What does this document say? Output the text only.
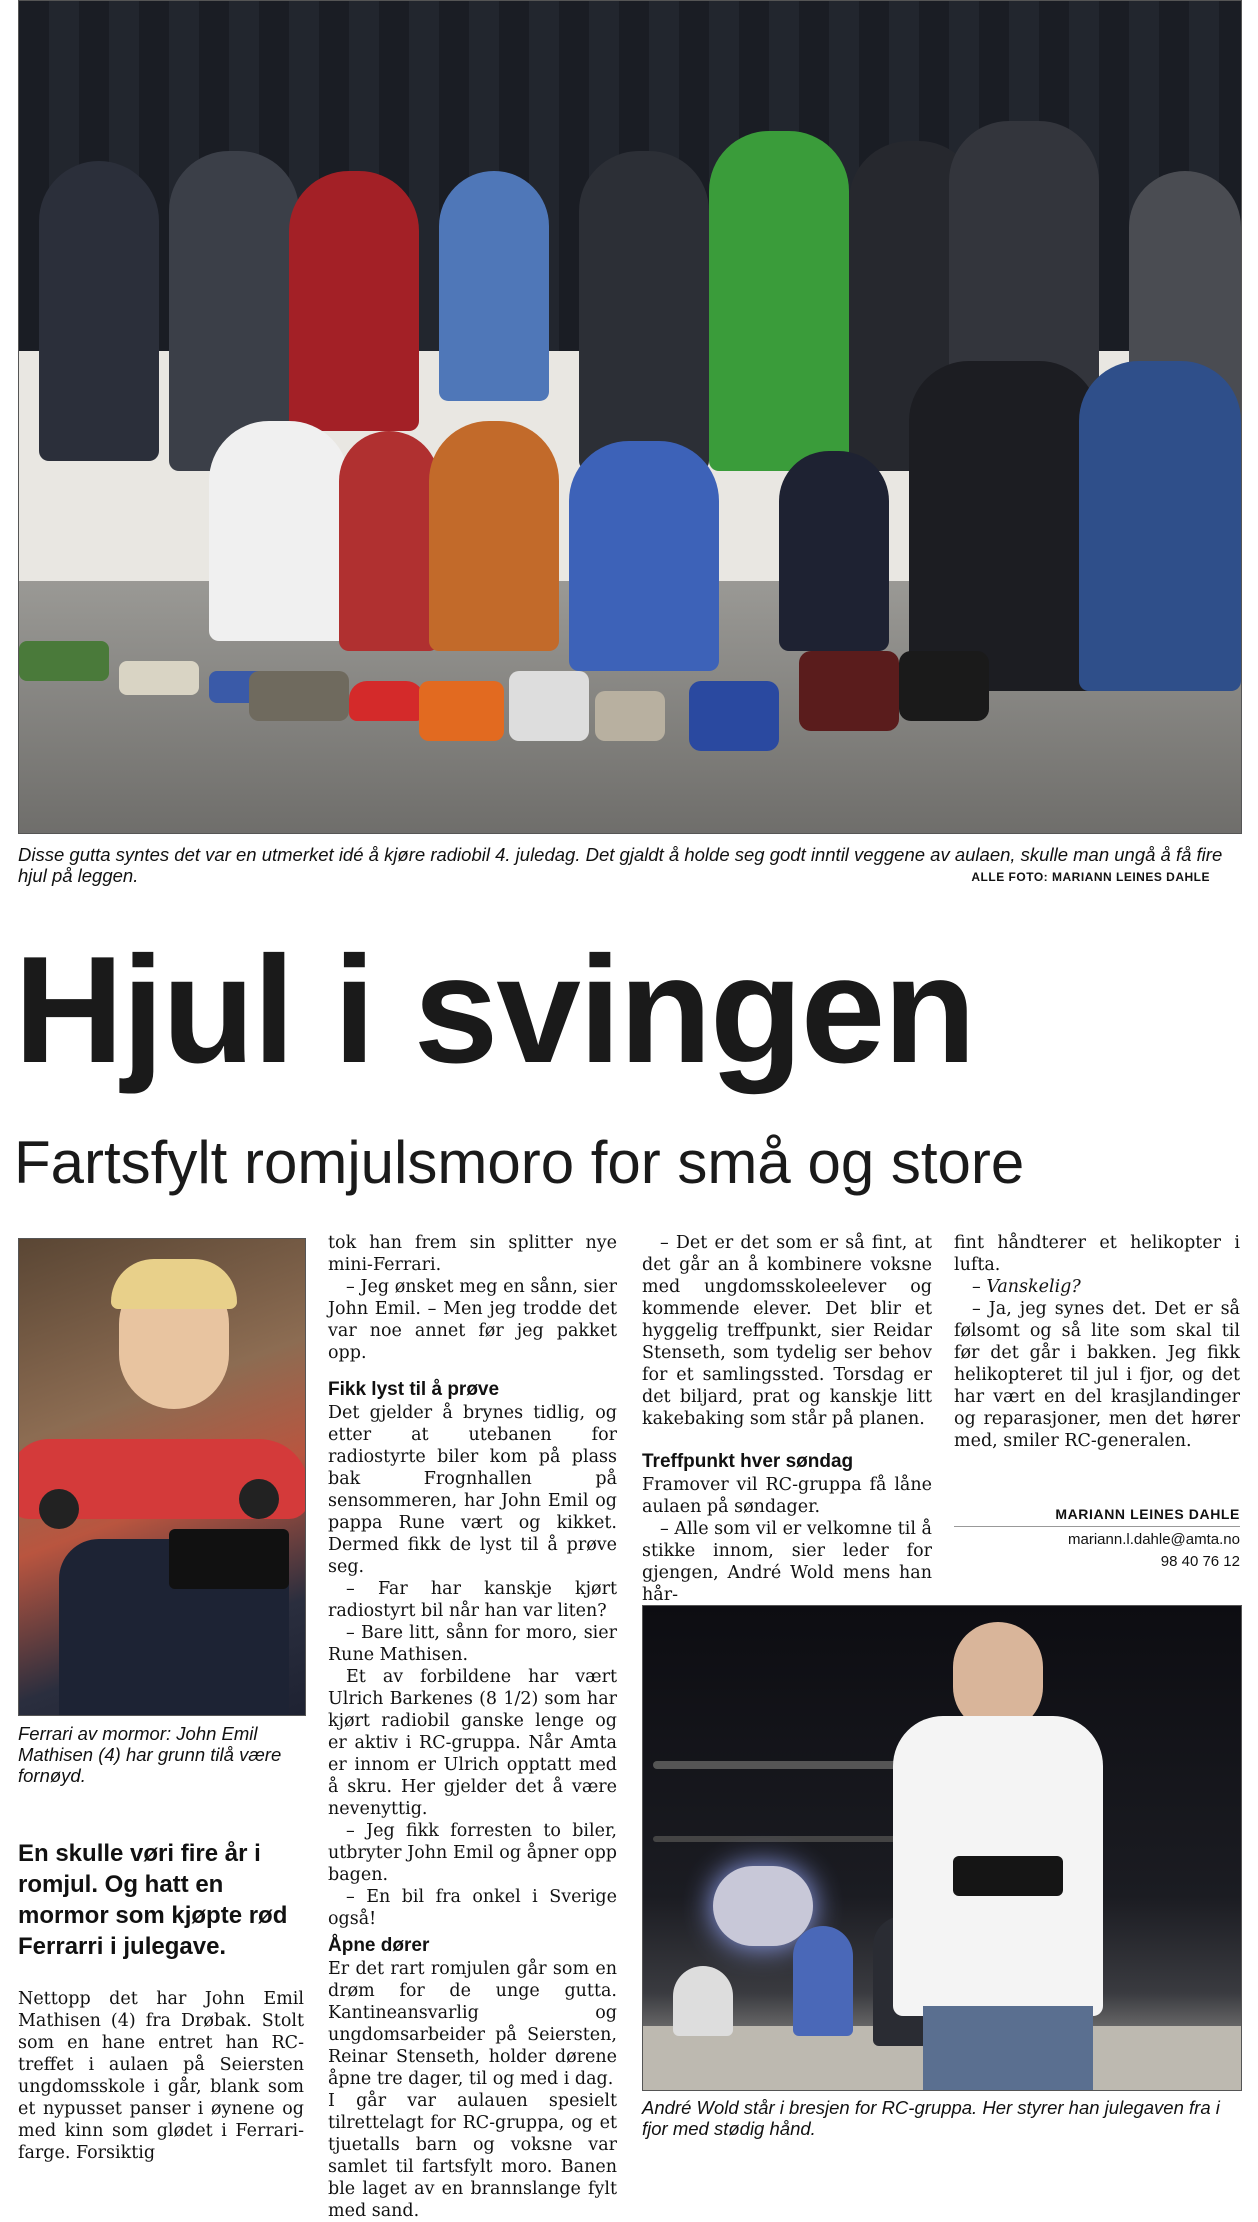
Disse gutta syntes det var en utmerket idé å kjøre radiobil 4. juledag. Det gjaldt å holde seg godt inntil veggene av aulaen, skulle man ungå å få fire hjul på leggen.	ALLE FOTO: MARIANN LEINES DAHLE
Hjul i svingen
Fartsfylt romjulsmoro for små og store
Ferrari av mormor: John Emil Mathisen (4) har grunn tilå være fornøyd.
En skulle vøri fire år i romjul. Og hatt en mormor som kjøpte rød Ferrarri i julegave.

Nettopp det har John Emil Mathisen (4) fra Drøbak. Stolt som en hane entret han RC-treffet i aulaen på Seiersten ungdomsskole i går, blank som et nypusset panser i øynene og med kinn som glødet i Ferrari-farge. Forsiktig

tok han frem sin splitter nye mini-Ferrari.

– Jeg ønsket meg en sånn, sier John Emil. – Men jeg trodde det var noe annet før jeg pakket opp.

Fikk lyst til å prøve

Det gjelder å brynes tidlig, og etter at utebanen for radiostyrte biler kom på plass bak Frognhallen på sensommeren, har John Emil og pappa Rune vært og kikket. Dermed fikk de lyst til å prøve seg.

– Far har kanskje kjørt radiostyrt bil når han var liten?

– Bare litt, sånn for moro, sier Rune Mathisen.

Et av forbildene har vært Ulrich Barkenes (8 1/2) som har kjørt radiobil ganske lenge og er aktiv i RC-gruppa. Når Amta er innom er Ulrich opptatt med å skru. Her gjelder det å være nevenyttig.

– Jeg fikk forresten to biler, utbryter John Emil og åpner opp bagen.

– En bil fra onkel i Sverige også!

Åpne dører

Er det rart romjulen går som en drøm for de unge gutta. Kantineansvarlig og ungdomsarbeider på Seiersten, Reinar Stenseth, holder dørene åpne tre dager, til og med i dag.

I går var aulauen spesielt tilrettelagt for RC-gruppa, og et tjuetalls barn og voksne var samlet til fartsfylt moro. Banen ble laget av en brannslange fylt med sand.

– Det er det som er så fint, at det går an å kombinere voksne med ungdomsskoleelever og kommende elever. Det blir et hyggelig treffpunkt, sier Reidar Stenseth, som tydelig ser behov for et samlingssted. Torsdag er det biljard, prat og kanskje litt kakebaking som står på planen.

Treffpunkt hver søndag

Framover vil RC-gruppa få låne aulaen på søndager.

– Alle som vil er velkomne til å stikke innom, sier leder for gjengen, André Wold mens han hår-

fint håndterer et helikopter i lufta.

– Vanskelig?

– Ja, jeg synes det. Det er så følsomt og så lite som skal til før det går i bakken. Jeg fikk helikopteret til jul i fjor, og det har vært en del krasjlandinger og reparasjoner, men det hører med, smiler RC-generalen.

MARIANN LEINES DAHLE
mariann.l.dahle@amta.no
98 40 76 12
André Wold står i bresjen for RC-gruppa. Her styrer han julegaven fra i fjor med stødig hånd.
